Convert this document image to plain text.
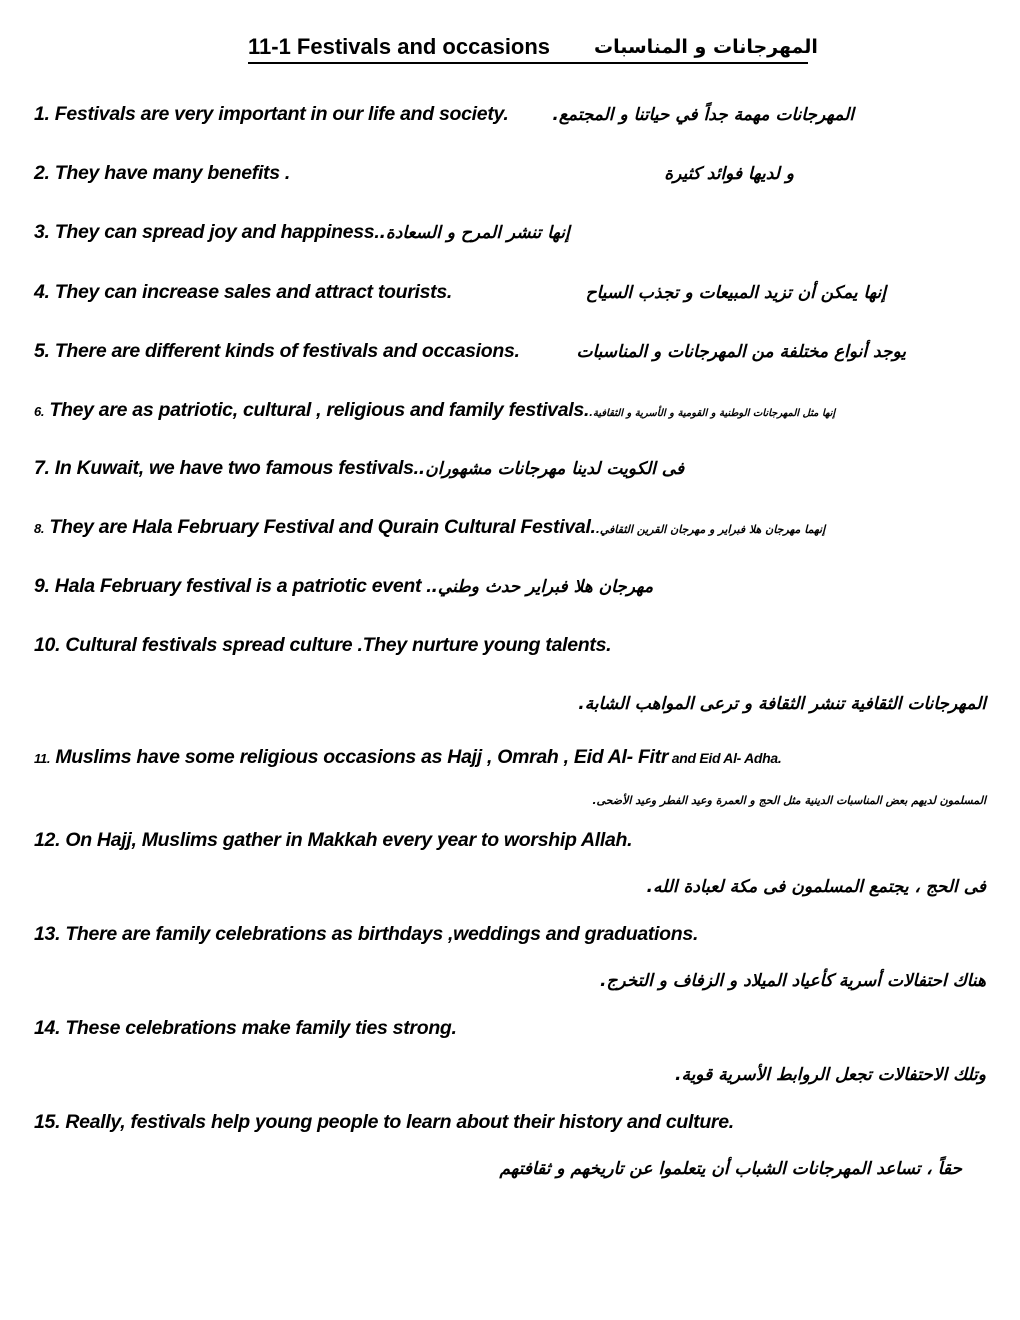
11-1 Festivals and occasions المهرجانات و المناسبات
1. Festivals are very important in our life and society.	المهرجانات مهمة جداً في حياتنا و المجتمع.
2. They have many benefits .	و لديها فوائد كثيرة
3. They can spread joy and happiness.إنها تنشر المرح و السعادة.
4. They can increase sales and attract tourists.	إنها يمكن أن تزيد المبيعات و تجذب السياح
5. There are different kinds of festivals and occasions.	يوجد أنواع مختلفة من المهرجانات و المناسبات
6. They are as patriotic, cultural , religious and family festivals.إنها مثل المهرجانات الوطنية و القومية و الأسرية و الثقافية.
7. In Kuwait, we have two famous festivals.فى الكويت لدينا مهرجانات مشهوران.
8. They are Hala February Festival and Qurain Cultural Festival.إنهما مهرجان هلا فبراير و مهرجان القرين الثقافي.
9. Hala February festival is a patriotic event .مهرجان هلا فبراير حدث وطني.
10. Cultural festivals spread culture .They nurture young talents.
المهرجانات الثقافية تنشر الثقافة و ترعى المواهب الشابة.
11. Muslims have some religious occasions as Hajj , Omrah , Eid Al- Fitr and Eid Al- Adha.
المسلمون لديهم بعض المناسبات الدينية مثل الحج و العمرة وعيد الفطر وعيد الأضحى.
12. On Hajj, Muslims gather in Makkah every year to worship Allah.
فى الحج ، يجتمع المسلمون فى مكة لعبادة الله.
13. There are family celebrations as birthdays ,weddings and graduations.
هناك احتفالات أسرية كأعياد الميلاد و الزفاف و التخرج.
14. These celebrations make family ties strong.
وتلك الاحتفالات تجعل الروابط الأسرية قوية.
15. Really, festivals help young people to learn about their history and culture.
حقاً ، تساعد المهرجانات الشباب أن يتعلموا عن تاريخهم و ثقافتهم
